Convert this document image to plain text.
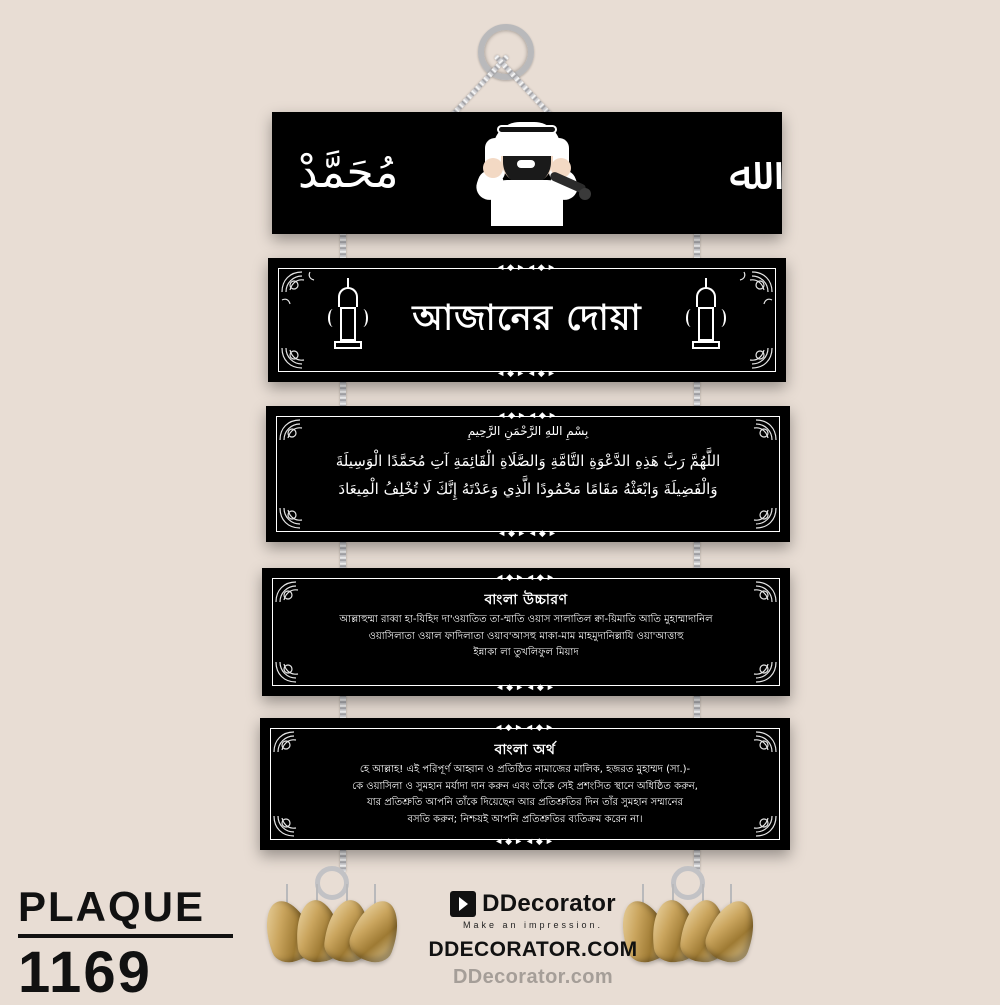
مُحَمَّدْ	ﷲ
◄◆►◄◆►
◄◆►◄◆►
আজানের দোয়া
◄◆►◄◆►
◄◆►◄◆►
بِسْمِ اللهِ الرَّحْمَنِ الرَّحِيمِ
اللَّهُمَّ رَبَّ هَذِهِ الدَّعْوَةِ التَّامَّةِ وَالصَّلَاةِ الْقَائِمَةِ آتِ مُحَمَّدًا الْوَسِيلَةَ
وَالْفَضِيلَةَ وَابْعَثْهُ مَقَامًا مَحْمُودًا الَّذِي وَعَدْتَهُ إِنَّكَ لَا تُخْلِفُ الْمِيعَادَ
◄◆►◄◆►
◄◆►◄◆►
বাংলা উচ্চারণ
আল্লাহুম্মা রাব্বা হা-যিহিদ দা'ওয়াতিত তা-ম্মাতি ওয়াস সালাতিল ক্বা-য়িমাতি আতি মুহাম্মাদানিল
ওয়াসিলাতা ওয়াল ফাদিলাতা ওয়াব'আসহু মাকা-মাম মাহমুদানিল্লাযি ওয়া'আত্তাহু
ইন্নাকা লা তুখলিফুল মিয়াদ
◄◆►◄◆►
◄◆►◄◆►
বাংলা অর্থ
হে আল্লাহ! এই পরিপূর্ণ আহ্বান ও প্রতিষ্ঠিত নামাজের মালিক, হজরত মুহাম্মদ (সা.)-
কে ওয়াসিলা ও সুমহান মর্যাদা দান করুন এবং তাঁকে সেই প্রশংসিত স্থানে অধিষ্ঠিত করুন,
যার প্রতিশ্রুতি আপনি তাঁকে দিয়েছেন আর প্রতিশ্রুতির দিন তাঁর সুমহান সম্মানের
বসতি করুন; নিশ্চয়ই আপনি প্রতিশ্রুতির ব্যতিক্রম করেন না।
PLAQUE
1169
DDecorator
Make an impression.
DDECORATOR.COM
DDecorator.com
